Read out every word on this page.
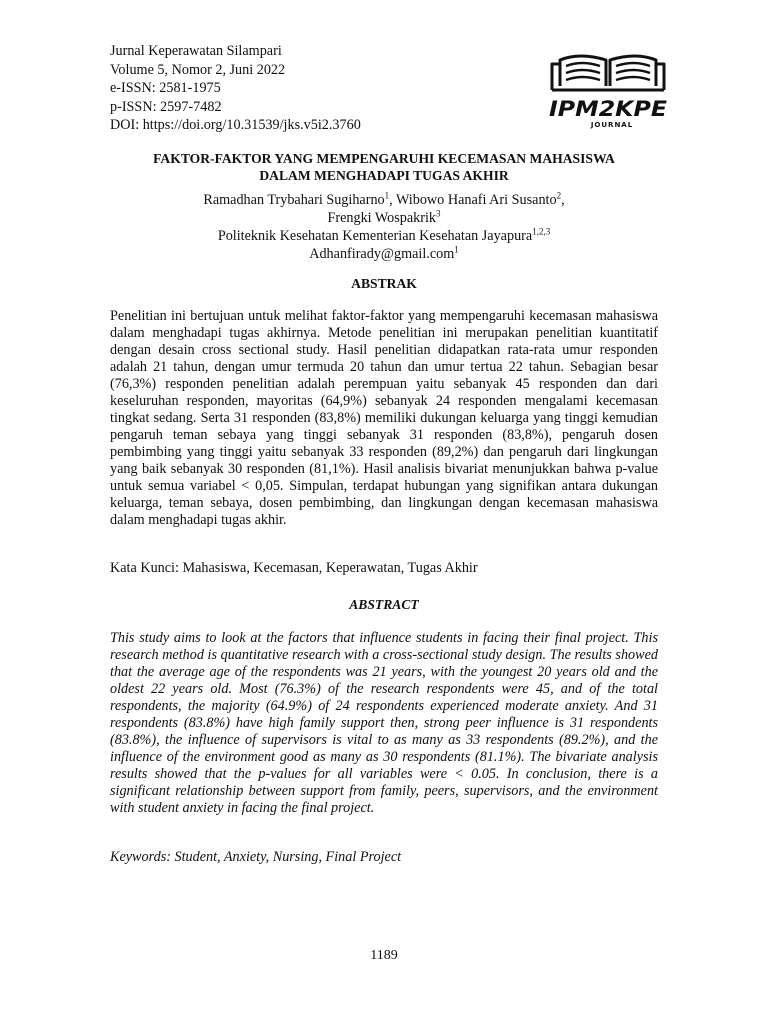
Jurnal Keperawatan Silampari
Volume 5, Nomor 2, Juni 2022
e-ISSN: 2581-1975
p-ISSN: 2597-7482
DOI: https://doi.org/10.31539/jks.v5i2.3760
IPM2KPE
JOURNAL
FAKTOR-FAKTOR YANG MEMPENGARUHI KECEMASAN MAHASISWA
DALAM MENGHADAPI TUGAS AKHIR
Ramadhan Trybahari Sugiharno$^1$, Wibowo Hanafi Ari Susanto$^2$,
Frengki Wospakrik$^3$
Politeknik Kesehatan Kementerian Kesehatan Jayapura$^{1,2,3}$
Adhanfirady@gmail.com$^1$
ABSTRAK

Penelitian ini bertujuan untuk melihat faktor-faktor yang mempengaruhi kecemasan mahasiswa dalam menghadapi tugas akhirnya. Metode penelitian ini merupakan penelitian kuantitatif dengan desain cross sectional study. Hasil penelitian didapatkan rata-rata umur responden adalah 21 tahun, dengan umur termuda 20 tahun dan umur tertua 22 tahun. Sebagian besar (76,3%) responden penelitian adalah perempuan yaitu sebanyak 45 responden dan dari keseluruhan responden, mayoritas (64,9%) sebanyak 24 responden mengalami kecemasan tingkat sedang. Serta 31 responden (83,8%) memiliki dukungan keluarga yang tinggi kemudian pengaruh teman sebaya yang tinggi sebanyak 31 responden (83,8%), pengaruh dosen pembimbing yang tinggi yaitu sebanyak 33 responden (89,2%) dan pengaruh dari lingkungan yang baik sebanyak 30 responden (81,1%). Hasil analisis bivariat menunjukkan bahwa p-value untuk semua variabel < 0,05. Simpulan, terdapat hubungan yang signifikan antara dukungan keluarga, teman sebaya, dosen pembimbing, dan lingkungan dengan kecemasan mahasiswa dalam menghadapi tugas akhir.

Kata Kunci: Mahasiswa, Kecemasan, Keperawatan, Tugas Akhir

ABSTRACT

This study aims to look at the factors that influence students in facing their final project. This research method is quantitative research with a cross-sectional study design. The results showed that the average age of the respondents was 21 years, with the youngest 20 years old and the oldest 22 years old. Most (76.3%) of the research respondents were 45, and of the total respondents, the majority (64.9%) of 24 respondents experienced moderate anxiety. And 31 respondents (83.8%) have high family support then, strong peer influence is 31 respondents (83.8%), the influence of supervisors is vital to as many as 33 respondents (89.2%), and the influence of the environment good as many as 30 respondents (81.1%). The bivariate analysis results showed that the p-values for all variables were < 0.05. In conclusion, there is a significant relationship between support from family, peers, supervisors, and the environment with student anxiety in facing the final project.

Keywords: Student, Anxiety, Nursing, Final Project

1189
